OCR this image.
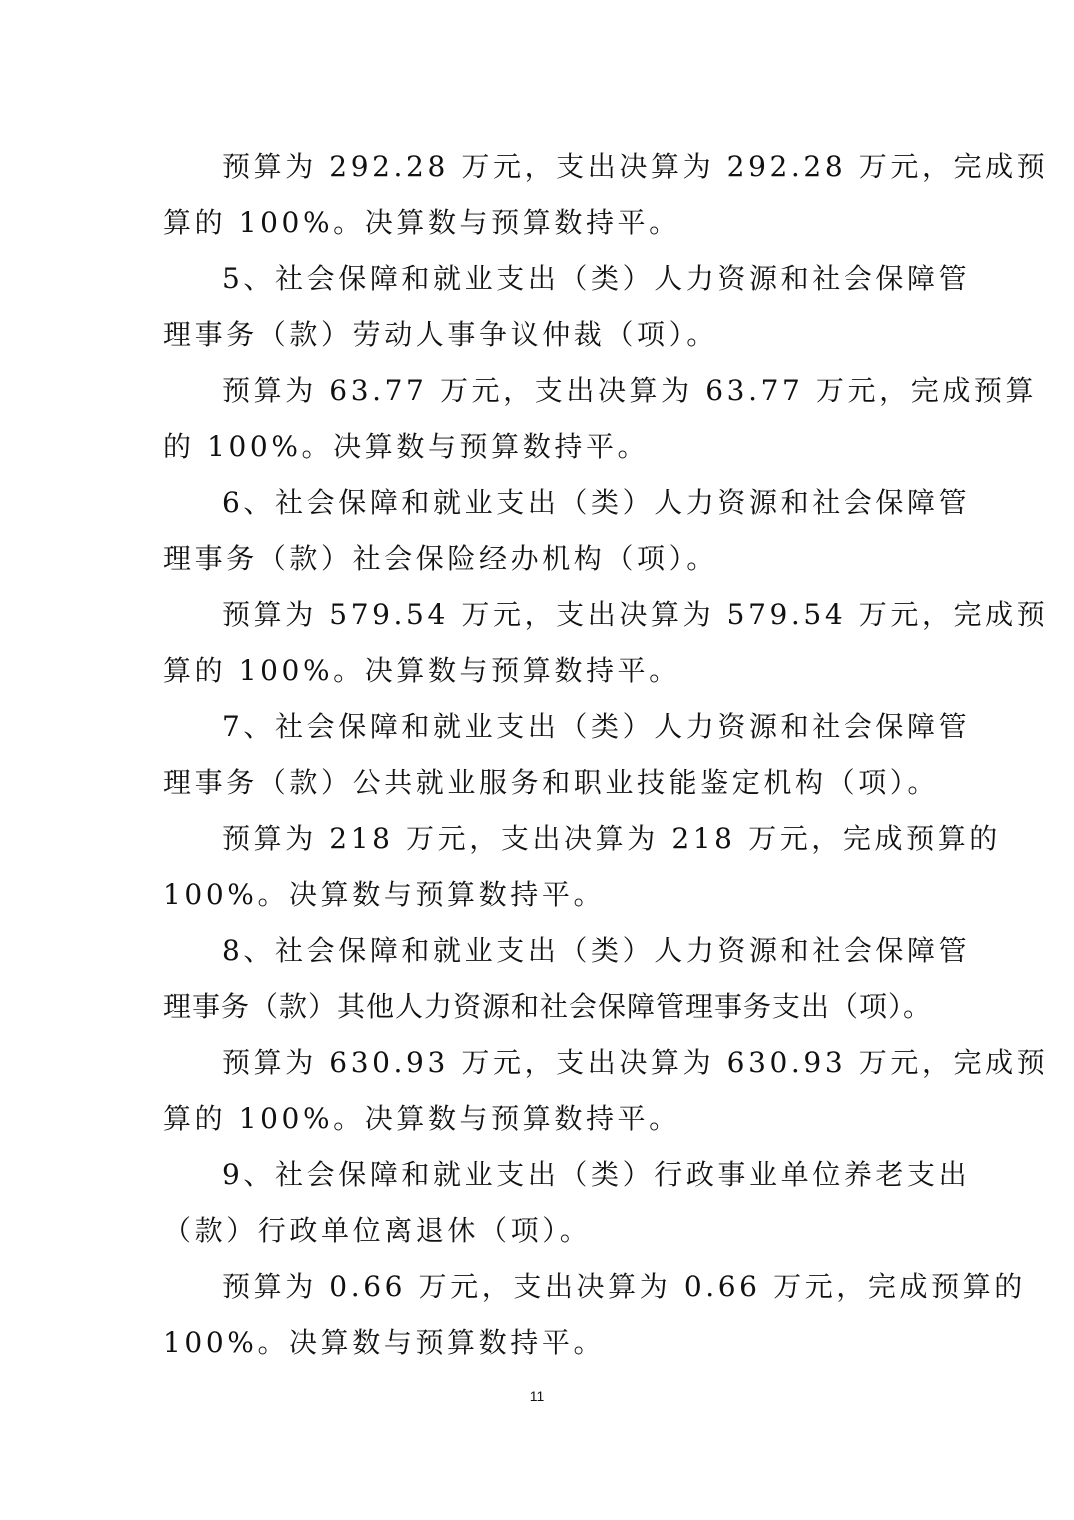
预算为 292.28 万元，支出决算为 292.28 万元，完成预
算的 100%。决算数与预算数持平。
5、社会保障和就业支出（类）人力资源和社会保障管
理事务（款）劳动人事争议仲裁（项）。
预算为 63.77 万元，支出决算为 63.77 万元，完成预算
的 100%。决算数与预算数持平。
6、社会保障和就业支出（类）人力资源和社会保障管
理事务（款）社会保险经办机构（项）。
预算为 579.54 万元，支出决算为 579.54 万元，完成预
算的 100%。决算数与预算数持平。
7、社会保障和就业支出（类）人力资源和社会保障管
理事务（款）公共就业服务和职业技能鉴定机构（项）。
预算为 218 万元，支出决算为 218 万元，完成预算的
100%。决算数与预算数持平。
8、社会保障和就业支出（类）人力资源和社会保障管
理事务（款）其他人力资源和社会保障管理事务支出（项）。
预算为 630.93 万元，支出决算为 630.93 万元，完成预
算的 100%。决算数与预算数持平。
9、社会保障和就业支出（类）行政事业单位养老支出
（款）行政单位离退休（项）。
预算为 0.66 万元，支出决算为 0.66 万元，完成预算的
100%。决算数与预算数持平。
11
